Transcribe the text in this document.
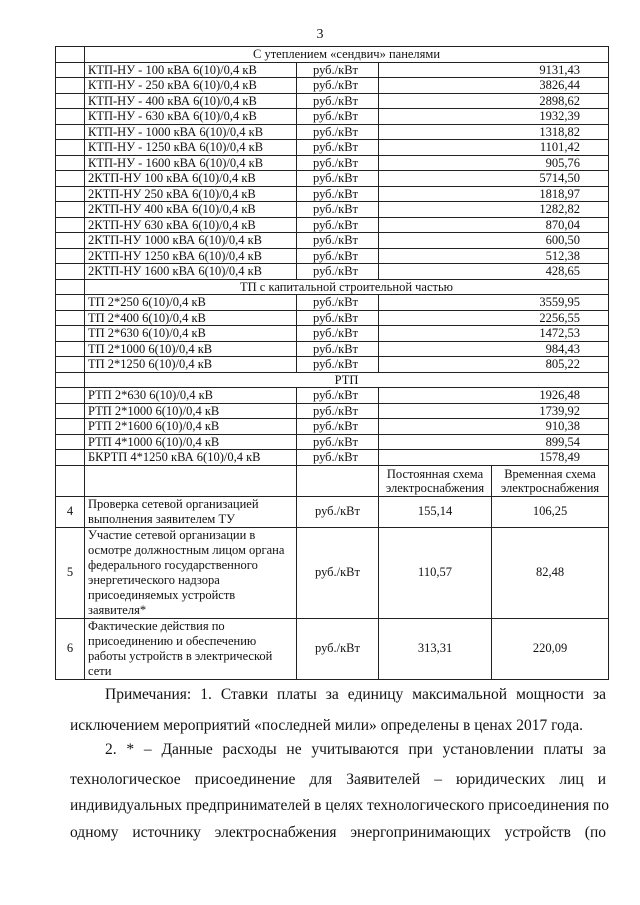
3
	С утеплением «сендвич» панелями			
	КТП-НУ - 100 кВА 6(10)/0,4 кВ	руб./кВт	9131,43	
	КТП-НУ - 250 кВА 6(10)/0,4 кВ	руб./кВт	3826,44	
	КТП-НУ - 400 кВА 6(10)/0,4 кВ	руб./кВт	2898,62	
	КТП-НУ - 630 кВА 6(10)/0,4 кВ	руб./кВт	1932,39	
	КТП-НУ - 1000 кВА 6(10)/0,4 кВ	руб./кВт	1318,82	
	КТП-НУ - 1250 кВА 6(10)/0,4 кВ	руб./кВт	1101,42	
	КТП-НУ - 1600 кВА 6(10)/0,4 кВ	руб./кВт	905,76	
	2КТП-НУ 100 кВА 6(10)/0,4 кВ	руб./кВт	5714,50	
	2КТП-НУ 250 кВА 6(10)/0,4 кВ	руб./кВт	1818,97	
	2КТП-НУ 400 кВА 6(10)/0,4 кВ	руб./кВт	1282,82	
	2КТП-НУ 630 кВА 6(10)/0,4 кВ	руб./кВт	870,04	
	2КТП-НУ 1000 кВА 6(10)/0,4 кВ	руб./кВт	600,50	
	2КТП-НУ 1250 кВА 6(10)/0,4 кВ	руб./кВт	512,38	
	2КТП-НУ 1600 кВА 6(10)/0,4 кВ	руб./кВт	428,65	
	ТП с капитальной строительной частью			
	ТП 2*250 6(10)/0,4 кВ	руб./кВт	3559,95	
	ТП 2*400 6(10)/0,4 кВ	руб./кВт	2256,55	
	ТП 2*630 6(10)/0,4 кВ	руб./кВт	1472,53	
	ТП 2*1000 6(10)/0,4 кВ	руб./кВт	984,43	
	ТП 2*1250 6(10)/0,4 кВ	руб./кВт	805,22	
	РТП			
	РТП 2*630 6(10)/0,4 кВ	руб./кВт	1926,48	
	РТП 2*1000 6(10)/0,4 кВ	руб./кВт	1739,92	
	РТП 2*1600 6(10)/0,4 кВ	руб./кВт	910,38	
	РТП 4*1000 6(10)/0,4 кВ	руб./кВт	899,54	
	БКРТП 4*1250 кВА 6(10)/0,4 кВ	руб./кВт	1578,49	
			Постоянная схема электроснабжения	Временная схема электроснабжения
4	Проверка сетевой организацией выполнения заявителем ТУ	руб./кВт	155,14	106,25
5	Участие сетевой организации в осмотре должностным лицом органа федерального государственного энергетического надзора присоединяемых устройств заявителя*	руб./кВт	110,57	82,48
6	Фактические действия по присоединению и обеспечению работы устройств в электрической сети	руб./кВт	313,31	220,09
Примечания: 1. Ставки платы за единицу максимальной мощности за
исключением мероприятий «последней мили» определены в ценах 2017 года.
2. * – Данные расходы не учитываются при установлении платы за
технологическое присоединение для Заявителей – юридических лиц и
индивидуальных предпринимателей в целях технологического присоединения по
одному источнику электроснабжения энергопринимающих устройств (по
